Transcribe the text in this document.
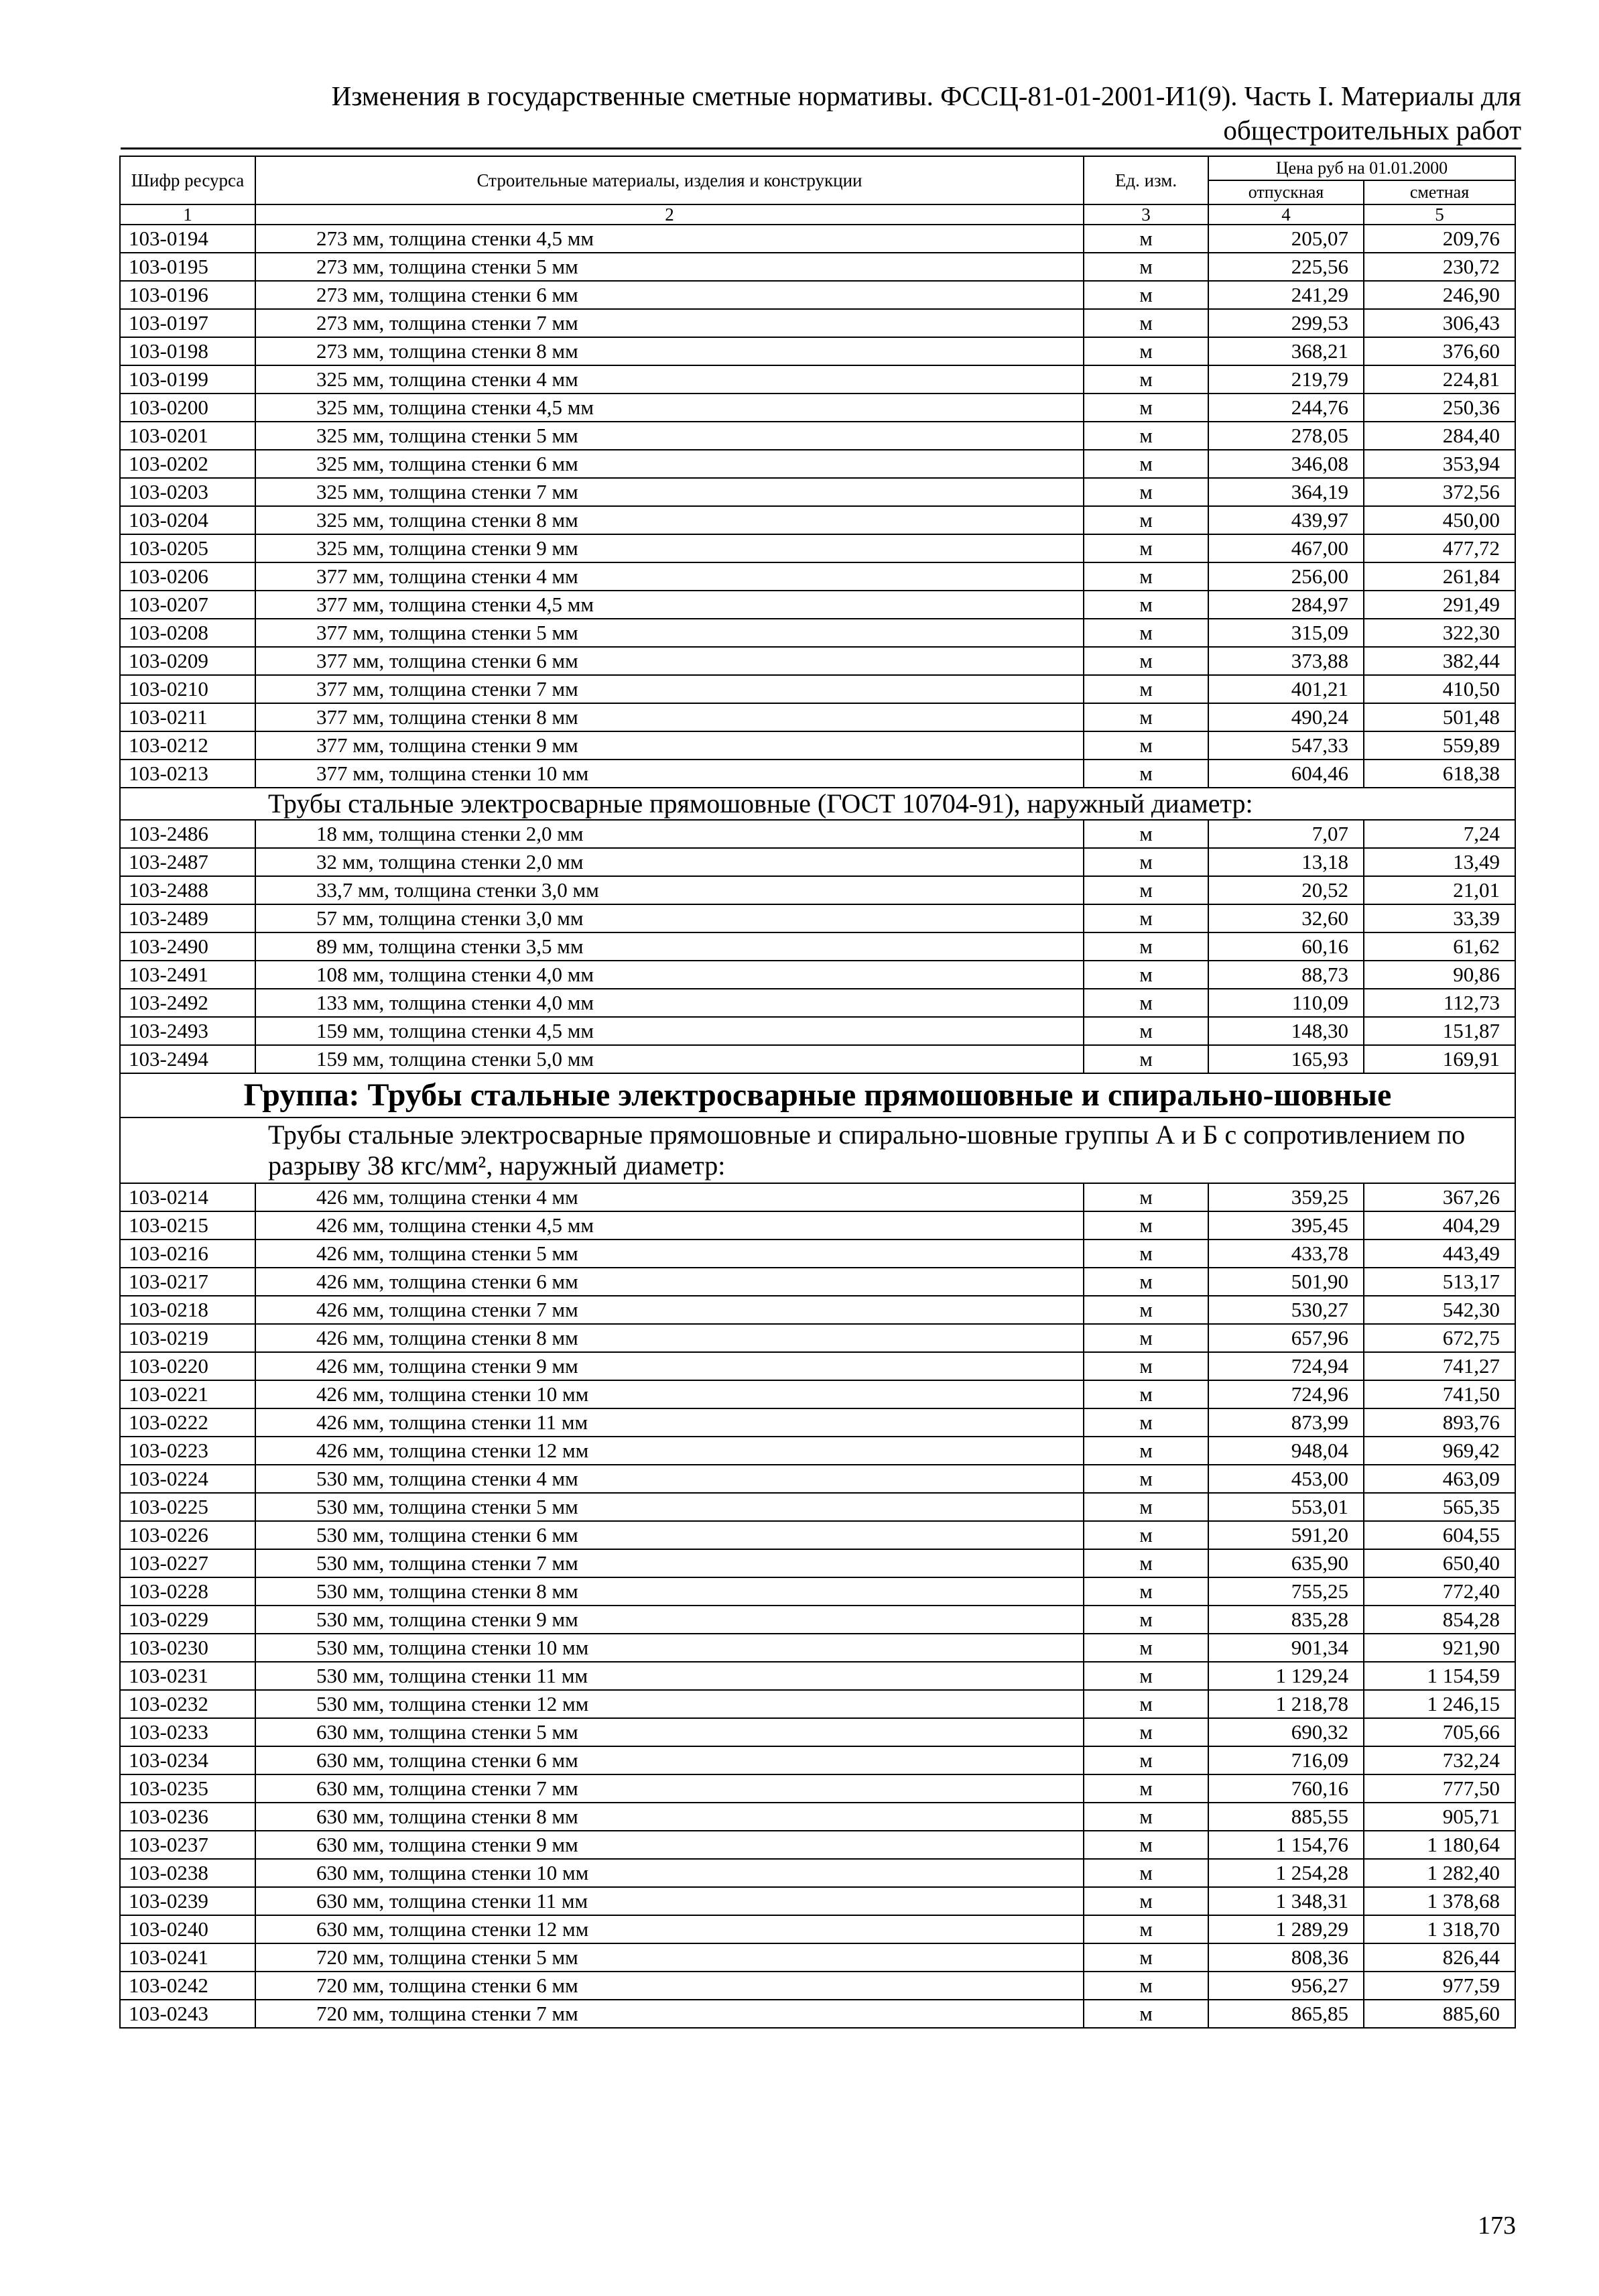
Изменения в государственные сметные нормативы. ФССЦ-81-01-2001-И1(9). Часть I. Материалы для
общестроительных работ
Шифр ресурса	Строительные материалы, изделия и конструкции	Ед. изм.	Цена руб на 01.01.2000	
			отпускная	сметная
1	2	3	4	5
103-0194	273 мм, толщина стенки 4,5 мм	м	205,07	209,76
103-0195	273 мм, толщина стенки 5 мм	м	225,56	230,72
103-0196	273 мм, толщина стенки 6 мм	м	241,29	246,90
103-0197	273 мм, толщина стенки 7 мм	м	299,53	306,43
103-0198	273 мм, толщина стенки 8 мм	м	368,21	376,60
103-0199	325 мм, толщина стенки 4 мм	м	219,79	224,81
103-0200	325 мм, толщина стенки 4,5 мм	м	244,76	250,36
103-0201	325 мм, толщина стенки 5 мм	м	278,05	284,40
103-0202	325 мм, толщина стенки 6 мм	м	346,08	353,94
103-0203	325 мм, толщина стенки 7 мм	м	364,19	372,56
103-0204	325 мм, толщина стенки 8 мм	м	439,97	450,00
103-0205	325 мм, толщина стенки 9 мм	м	467,00	477,72
103-0206	377 мм, толщина стенки 4 мм	м	256,00	261,84
103-0207	377 мм, толщина стенки 4,5 мм	м	284,97	291,49
103-0208	377 мм, толщина стенки 5 мм	м	315,09	322,30
103-0209	377 мм, толщина стенки 6 мм	м	373,88	382,44
103-0210	377 мм, толщина стенки 7 мм	м	401,21	410,50
103-0211	377 мм, толщина стенки 8 мм	м	490,24	501,48
103-0212	377 мм, толщина стенки 9 мм	м	547,33	559,89
103-0213	377 мм, толщина стенки 10 мм	м	604,46	618,38
Трубы стальные электросварные прямошовные (ГОСТ 10704-91), наружный диаметр:				
103-2486	18 мм, толщина стенки 2,0 мм	м	7,07	7,24
103-2487	32 мм, толщина стенки 2,0 мм	м	13,18	13,49
103-2488	33,7 мм, толщина стенки 3,0 мм	м	20,52	21,01
103-2489	57 мм, толщина стенки 3,0 мм	м	32,60	33,39
103-2490	89 мм, толщина стенки 3,5 мм	м	60,16	61,62
103-2491	108 мм, толщина стенки 4,0 мм	м	88,73	90,86
103-2492	133 мм, толщина стенки 4,0 мм	м	110,09	112,73
103-2493	159 мм, толщина стенки 4,5 мм	м	148,30	151,87
103-2494	159 мм, толщина стенки 5,0 мм	м	165,93	169,91
Группа: Трубы стальные электросварные прямошовные и спирально-шовные				
Трубы стальные электросварные прямошовные и спирально-шовные группы А и Б с сопротивлением по разрыву 38 кгс/мм², наружный диаметр:				
103-0214	426 мм, толщина стенки 4 мм	м	359,25	367,26
103-0215	426 мм, толщина стенки 4,5 мм	м	395,45	404,29
103-0216	426 мм, толщина стенки 5 мм	м	433,78	443,49
103-0217	426 мм, толщина стенки 6 мм	м	501,90	513,17
103-0218	426 мм, толщина стенки 7 мм	м	530,27	542,30
103-0219	426 мм, толщина стенки 8 мм	м	657,96	672,75
103-0220	426 мм, толщина стенки 9 мм	м	724,94	741,27
103-0221	426 мм, толщина стенки 10 мм	м	724,96	741,50
103-0222	426 мм, толщина стенки 11 мм	м	873,99	893,76
103-0223	426 мм, толщина стенки 12 мм	м	948,04	969,42
103-0224	530 мм, толщина стенки 4 мм	м	453,00	463,09
103-0225	530 мм, толщина стенки 5 мм	м	553,01	565,35
103-0226	530 мм, толщина стенки 6 мм	м	591,20	604,55
103-0227	530 мм, толщина стенки 7 мм	м	635,90	650,40
103-0228	530 мм, толщина стенки 8 мм	м	755,25	772,40
103-0229	530 мм, толщина стенки 9 мм	м	835,28	854,28
103-0230	530 мм, толщина стенки 10 мм	м	901,34	921,90
103-0231	530 мм, толщина стенки 11 мм	м	1 129,24	1 154,59
103-0232	530 мм, толщина стенки 12 мм	м	1 218,78	1 246,15
103-0233	630 мм, толщина стенки 5 мм	м	690,32	705,66
103-0234	630 мм, толщина стенки 6 мм	м	716,09	732,24
103-0235	630 мм, толщина стенки 7 мм	м	760,16	777,50
103-0236	630 мм, толщина стенки 8 мм	м	885,55	905,71
103-0237	630 мм, толщина стенки 9 мм	м	1 154,76	1 180,64
103-0238	630 мм, толщина стенки 10 мм	м	1 254,28	1 282,40
103-0239	630 мм, толщина стенки 11 мм	м	1 348,31	1 378,68
103-0240	630 мм, толщина стенки 12 мм	м	1 289,29	1 318,70
103-0241	720 мм, толщина стенки 5 мм	м	808,36	826,44
103-0242	720 мм, толщина стенки 6 мм	м	956,27	977,59
103-0243	720 мм, толщина стенки 7 мм	м	865,85	885,60
173
